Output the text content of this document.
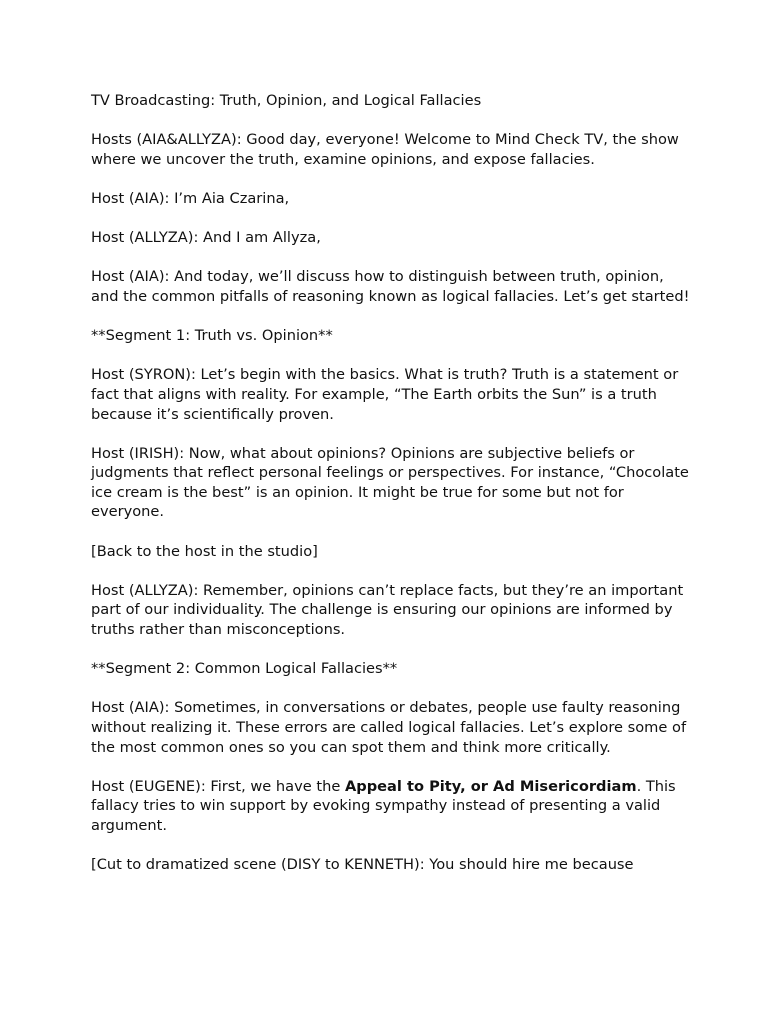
TV Broadcasting: Truth, Opinion, and Logical Fallacies

Hosts (AIA&ALLYZA): Good day, everyone! Welcome to Mind Check TV, the show where we uncover the truth, examine opinions, and expose fallacies.

Host (AIA): I’m Aia Czarina,

Host (ALLYZA): And I am Allyza,

Host (AIA): And today, we’ll discuss how to distinguish between truth, opinion, and the common pitfalls of reasoning known as logical fallacies. Let’s get started!

**Segment 1: Truth vs. Opinion**

Host (SYRON): Let’s begin with the basics. What is truth? Truth is a statement or fact that aligns with reality. For example, “The Earth orbits the Sun” is a truth because it’s scientifically proven.

Host (IRISH): Now, what about opinions? Opinions are subjective beliefs or judgments that reflect personal feelings or perspectives. For instance, “Chocolate ice cream is the best” is an opinion. It might be true for some but not for everyone.

[Back to the host in the studio]

Host (ALLYZA): Remember, opinions can’t replace facts, but they’re an important part of our individuality. The challenge is ensuring our opinions are informed by truths rather than misconceptions.

**Segment 2: Common Logical Fallacies**

Host (AIA): Sometimes, in conversations or debates, people use faulty reasoning without realizing it. These errors are called logical fallacies. Let’s explore some of the most common ones so you can spot them and think more critically.

Host (EUGENE): First, we have the Appeal to Pity, or Ad Misericordiam. This fallacy tries to win support by evoking sympathy instead of presenting a valid argument.

[Cut to dramatized scene (DISY to KENNETH): You should hire me because
